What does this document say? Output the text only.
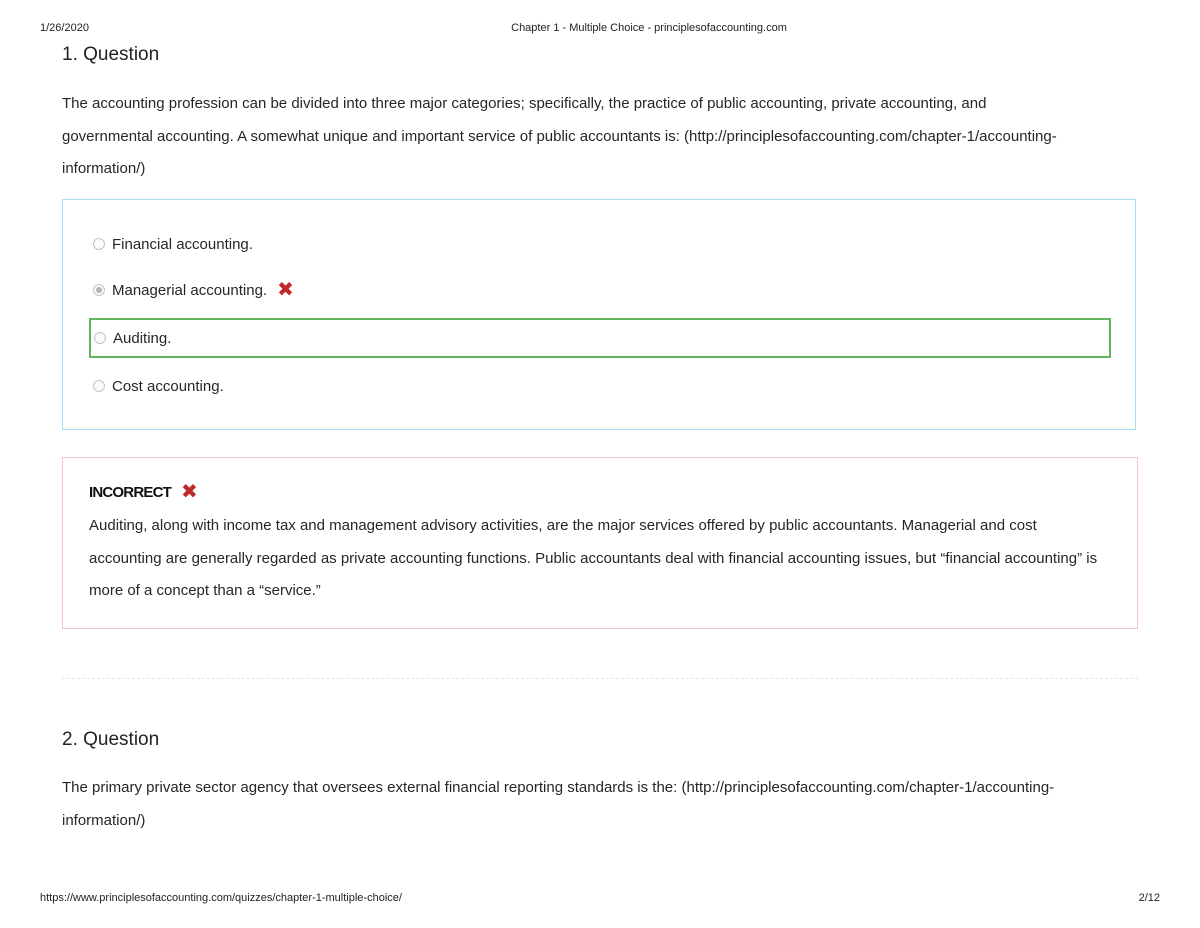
1/26/2020	Chapter 1 - Multiple Choice - principlesofaccounting.com
1. Question
The accounting profession can be divided into three major categories; specifically, the practice of public accounting, private accounting, and governmental accounting. A somewhat unique and important service of public accountants is: (http://principlesofaccounting.com/chapter-1/accounting-information/)
Financial accounting.
Managerial accounting. ✖
Auditing.
Cost accounting.
INCORRECT ✖
Auditing, along with income tax and management advisory activities, are the major services offered by public accountants. Managerial and cost accounting are generally regarded as private accounting functions. Public accountants deal with financial accounting issues, but “financial accounting” is more of a concept than a “service.”
2. Question
The primary private sector agency that oversees external financial reporting standards is the: (http://principlesofaccounting.com/chapter-1/accounting-information/)
https://www.principlesofaccounting.com/quizzes/chapter-1-multiple-choice/	2/12
